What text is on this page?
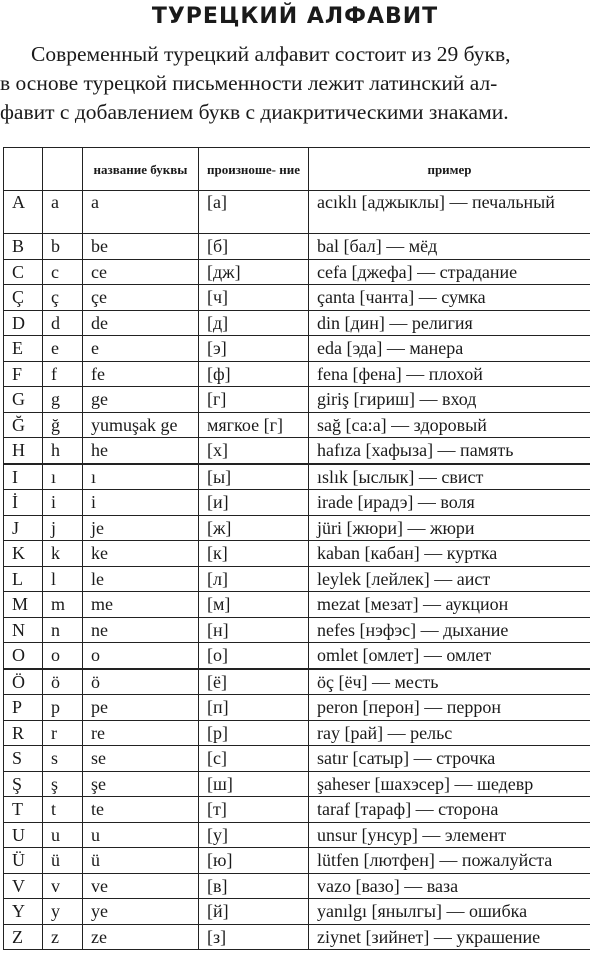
ТУРЕЦКИЙ АЛФАВИТ
Современный турецкий алфавит состоит из 29 букв,
в основе турецкой письменности лежит латинский ал-
фавит с добавлением букв с диакритическими знаками.
		название буквы	произноше- ние	пример
A	a	a	[а]	acıklı [аджыклы] — печальный
B	b	be	[б]	bal [бал] — мёд
C	c	ce	[дж]	cefa [джефа] — страдание
Ç	ç	çe	[ч]	çanta [чанта] — сумка
D	d	de	[д]	din [дин] — религия
E	e	e	[э]	eda [эда] — манера
F	f	fe	[ф]	fena [фена] — плохой
G	g	ge	[г]	giriş [гириш] — вход
Ğ	ğ	yumuşak ge	мягкое [г]	sağ [са:а] — здоровый
H	h	he	[х]	hafıza [хафыза] — память
I	ı	ı	[ы]	ıslık [ыслык] — свист
İ	i	i	[и]	irade [ирадэ] — воля
J	j	je	[ж]	jüri [жюри] — жюри
K	k	ke	[к]	kaban [кабан] — куртка
L	l	le	[л]	leylek [лейлек] — аист
M	m	me	[м]	mezat [мезат] — аукцион
N	n	ne	[н]	nefes [нэфэс] — дыхание
O	o	o	[о]	omlet [омлет] — омлет
Ö	ö	ö	[ё]	öç [ёч] — месть
P	p	pe	[п]	peron [перон] — перрон
R	r	re	[р]	ray [рай] — рельс
S	s	se	[с]	satır [сатыр] — строчка
Ş	ş	şe	[ш]	şaheser [шахэсер] — шедевр
T	t	te	[т]	taraf [тараф] — сторона
U	u	u	[у]	unsur [унсур] — элемент
Ü	ü	ü	[ю]	lütfen [лютфен] — пожалуйста
V	v	ve	[в]	vazo [вазо] — ваза
Y	y	ye	[й]	yanılgı [янылгы] — ошибка
Z	z	ze	[з]	ziynet [зийнет] — украшение
